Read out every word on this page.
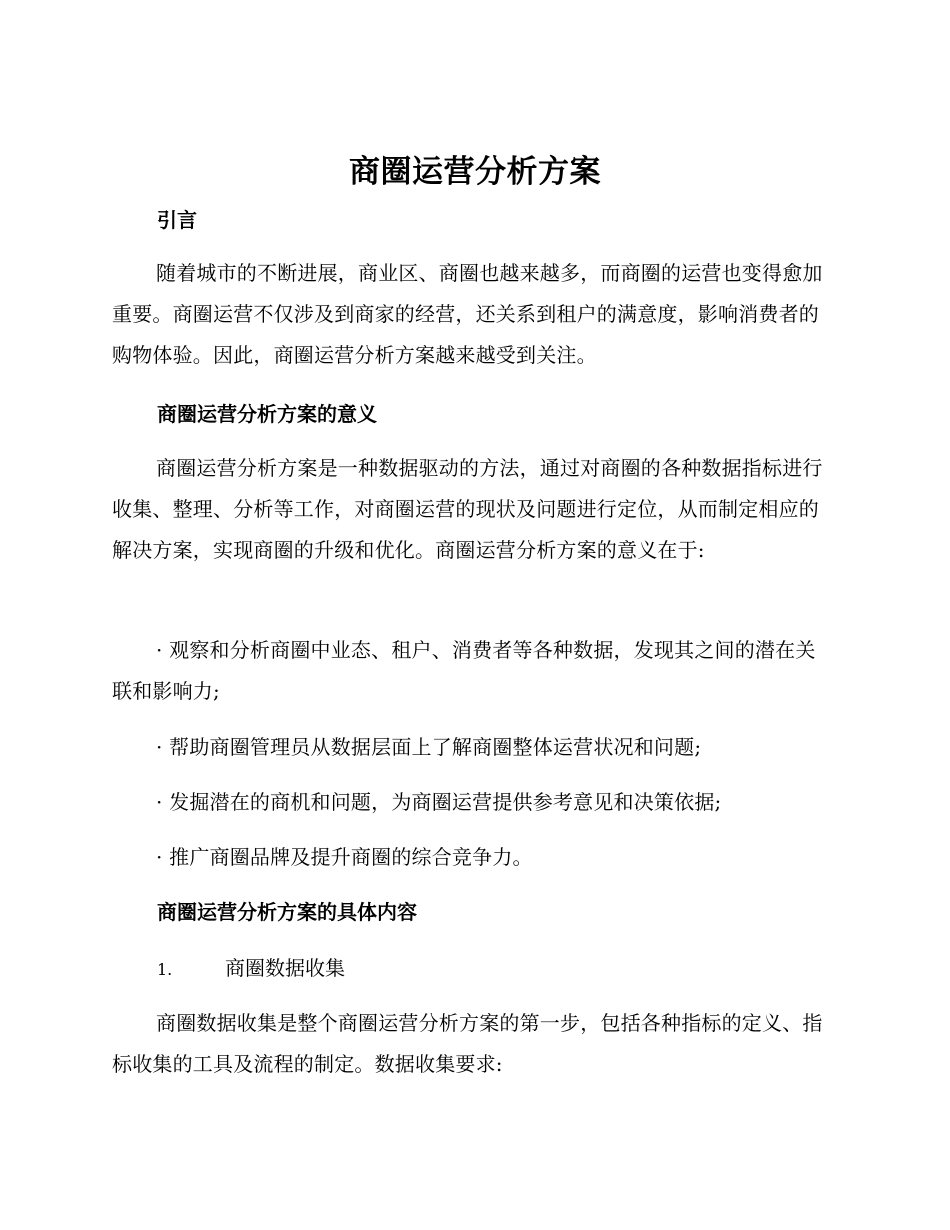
商圈运营分析方案
引言

随着城市的不断进展，商业区、商圈也越来越多，而商圈的运营也变得愈加重要。商圈运营不仅涉及到商家的经营，还关系到租户的满意度，影响消费者的购物体验。因此，商圈运营分析方案越来越受到关注。

商圈运营分析方案的意义

商圈运营分析方案是一种数据驱动的方法，通过对商圈的各种数据指标进行收集、整理、分析等工作，对商圈运营的现状及问题进行定位，从而制定相应的解决方案，实现商圈的升级和优化。商圈运营分析方案的意义在于:

· 观察和分析商圈中业态、租户、消费者等各种数据，发现其之间的潜在关联和影响力;

· 帮助商圈管理员从数据层面上了解商圈整体运营状况和问题;

· 发掘潜在的商机和问题，为商圈运营提供参考意见和决策依据;

· 推广商圈品牌及提升商圈的综合竞争力。

商圈运营分析方案的具体内容
1.	商圈数据收集

商圈数据收集是整个商圈运营分析方案的第一步，包括各种指标的定义、指标收集的工具及流程的制定。数据收集要求:
